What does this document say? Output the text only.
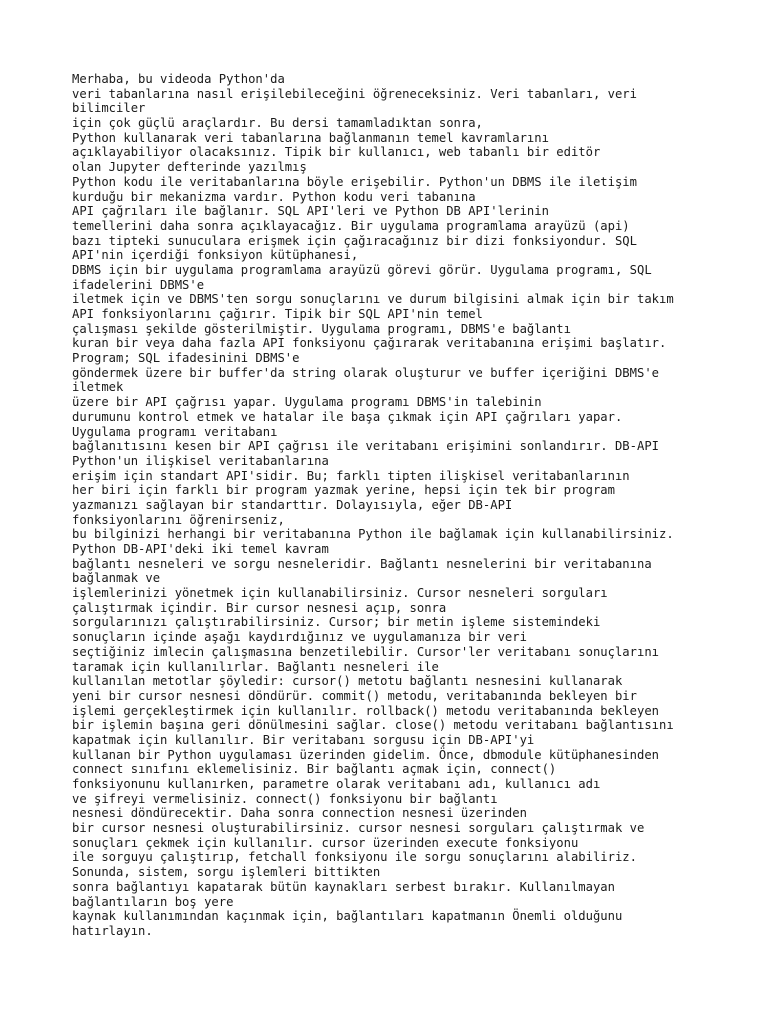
Merhaba, bu videoda Python'da
veri tabanlarına nasıl erişilebileceğini öğreneceksiniz. Veri tabanları, veri
bilimciler
için çok güçlü araçlardır. Bu dersi tamamladıktan sonra,
Python kullanarak veri tabanlarına bağlanmanın temel kavramlarını
açıklayabiliyor olacaksınız. Tipik bir kullanıcı, web tabanlı bir editör
olan Jupyter defterinde yazılmış
Python kodu ile veritabanlarına böyle erişebilir. Python'un DBMS ile iletişim
kurduğu bir mekanizma vardır. Python kodu veri tabanına
API çağrıları ile bağlanır. SQL API'leri ve Python DB API'lerinin
temellerini daha sonra açıklayacağız. Bir uygulama programlama arayüzü (api)
bazı tipteki sunuculara erişmek için çağıracağınız bir dizi fonksiyondur. SQL
API'nin içerdiği fonksiyon kütüphanesi,
DBMS için bir uygulama programlama arayüzü görevi görür. Uygulama programı, SQL
ifadelerini DBMS'e
iletmek için ve DBMS'ten sorgu sonuçlarını ve durum bilgisini almak için bir takım
API fonksiyonlarını çağırır. Tipik bir SQL API'nin temel
çalışması şekilde gösterilmiştir. Uygulama programı, DBMS'e bağlantı
kuran bir veya daha fazla API fonksiyonu çağırarak veritabanına erişimi başlatır.
Program; SQL ifadesinini DBMS'e
göndermek üzere bir buffer'da string olarak oluşturur ve buffer içeriğini DBMS'e
iletmek
üzere bir API çağrısı yapar. Uygulama programı DBMS'in talebinin
durumunu kontrol etmek ve hatalar ile başa çıkmak için API çağrıları yapar.
Uygulama programı veritabanı
bağlanıtısını kesen bir API çağrısı ile veritabanı erişimini sonlandırır. DB-API
Python'un ilişkisel veritabanlarına
erişim için standart API'sidir. Bu; farklı tipten ilişkisel veritabanlarının
her biri için farklı bir program yazmak yerine, hepsi için tek bir program
yazmanızı sağlayan bir standarttır. Dolayısıyla, eğer DB-API
fonksiyonlarını öğrenirseniz,
bu bilginizi herhangi bir veritabanına Python ile bağlamak için kullanabilirsiniz.
Python DB-API'deki iki temel kavram
bağlantı nesneleri ve sorgu nesneleridir. Bağlantı nesnelerini bir veritabanına
bağlanmak ve
işlemlerinizi yönetmek için kullanabilirsiniz. Cursor nesneleri sorguları
çalıştırmak içindir. Bir cursor nesnesi açıp, sonra
sorgularınızı çalıştırabilirsiniz. Cursor; bir metin işleme sistemindeki
sonuçların içinde aşağı kaydırdığınız ve uygulamanıza bir veri
seçtiğiniz imlecin çalışmasına benzetilebilir. Cursor'ler veritabanı sonuçlarını
taramak için kullanılırlar. Bağlantı nesneleri ile
kullanılan metotlar şöyledir: cursor() metotu bağlantı nesnesini kullanarak
yeni bir cursor nesnesi döndürür. commit() metodu, veritabanında bekleyen bir
işlemi gerçekleştirmek için kullanılır. rollback() metodu veritabanında bekleyen
bir işlemin başına geri dönülmesini sağlar. close() metodu veritabanı bağlantısını
kapatmak için kullanılır. Bir veritabanı sorgusu için DB-API'yi
kullanan bir Python uygulaması üzerinden gidelim. Önce, dbmodule kütüphanesinden
connect sınıfını eklemelisiniz. Bir bağlantı açmak için, connect()
fonksiyonunu kullanırken, parametre olarak veritabanı adı, kullanıcı adı
ve şifreyi vermelisiniz. connect() fonksiyonu bir bağlantı
nesnesi döndürecektir. Daha sonra connection nesnesi üzerinden
bir cursor nesnesi oluşturabilirsiniz. cursor nesnesi sorguları çalıştırmak ve
sonuçları çekmek için kullanılır. cursor üzerinden execute fonksiyonu
ile sorguyu çalıştırıp, fetchall fonksiyonu ile sorgu sonuçlarını alabiliriz.
Sonunda, sistem, sorgu işlemleri bittikten
sonra bağlantıyı kapatarak bütün kaynakları serbest bırakır. Kullanılmayan
bağlantıların boş yere
kaynak kullanımından kaçınmak için, bağlantıları kapatmanın Önemli olduğunu
hatırlayın.
